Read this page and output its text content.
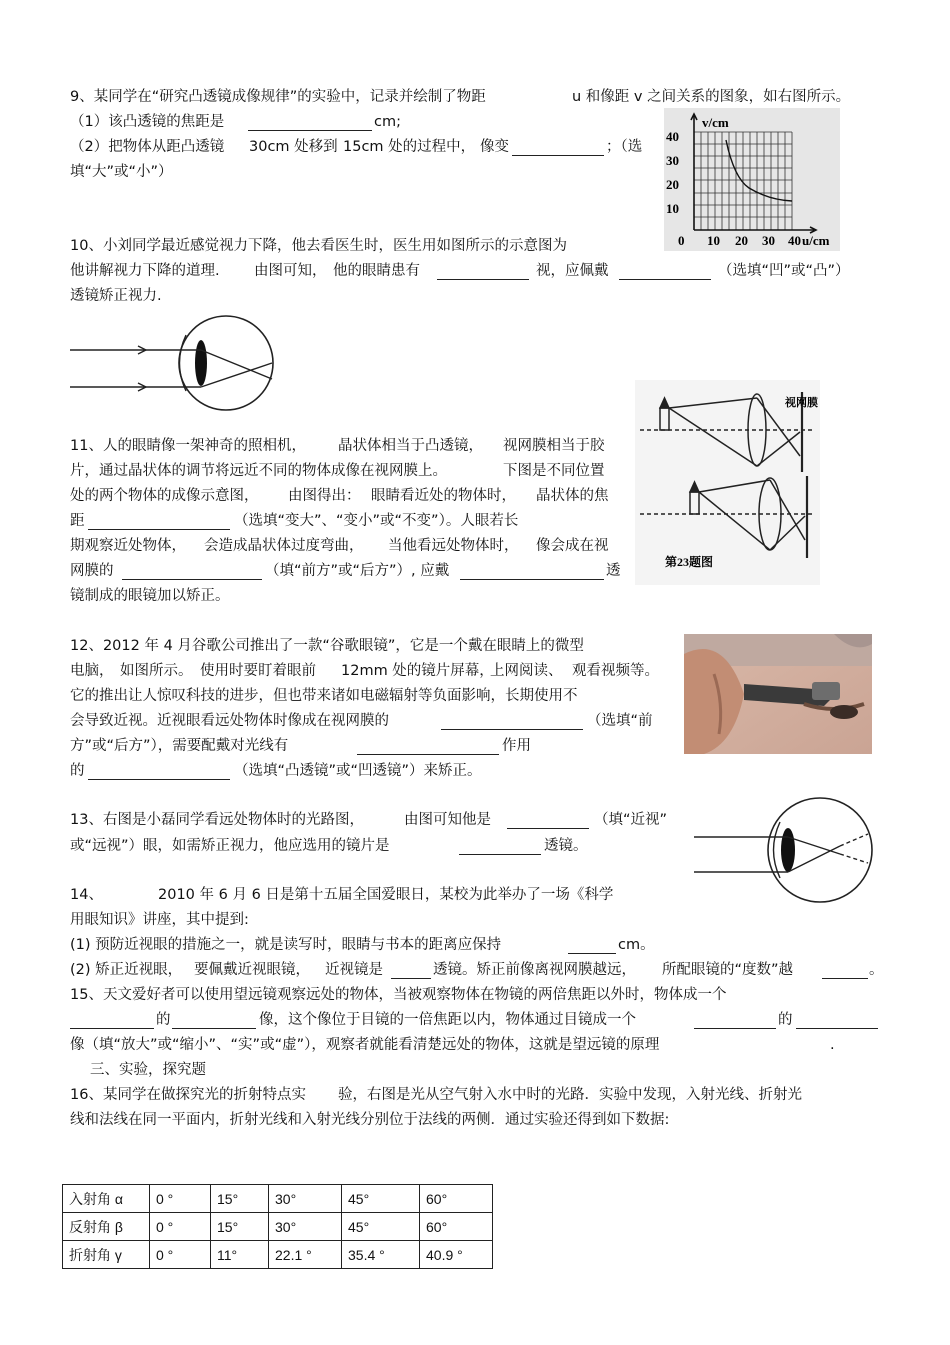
9、某同学在“研究凸透镜成像规律”的实验中，记录并绘制了物距	u 和像距 v 之间关系的图象，如右图所示。
（1）该凸透镜的焦距是	cm;
（2）把物体从距凸透镜 30cm 处移到 15cm 处的过程中， 像变	；（选
填“大”或“小”）
40
30
20
10
v/cm
0 10 20 30 40 u/cm
10、小刘同学最近感觉视力下降，他去看医生时，医生用如图所示的示意图为
他讲解视力下降的道理. 由图可知， 他的眼睛患有	视，应佩戴	（选填“凹”或“凸”）
透镜矫正视力.
11、人的眼睛像一架神奇的照相机， 晶状体相当于凸透镜， 视网膜相当于胶
片，通过晶状体的调节将远近不同的物体成像在视网膜上。	下图是不同位置
处的两个物体的成像示意图， 由图得出： 眼睛看近处的物体时， 晶状体的焦
距	（选填“变大”、“变小”或“不变”）。人眼若长
期观察近处物体， 会造成晶状体过度弯曲， 当他看远处物体时， 像会成在视
网膜的	（填“前方”或“后方”）, 应戴	透
镜制成的眼镜加以矫正。
视网膜
第23题图
12、2012 年 4 月谷歌公司推出了一款“谷歌眼镜”，它是一个戴在眼睛上的微型
电脑， 如图所示。 使用时要盯着眼前 12mm 处的镜片屏幕，
上网阅读、 观看视频等。
它的推出让人惊叹科技的进步，但也带来诸如电磁辐射等负面影响，长期使用不
会导致近视。近视眼看远处物体时像成在视网膜的	（选填“前
方”或“后方”），需要配戴对光线有	作用
的	（选填“凸透镜”或“凹透镜”）来矫正。
13、右图是小磊同学看远处物体时的光路图，	由图可知他是	（填“近视”
或“远视”）眼，如需矫正视力，他应选用的镜片是	透镜。
14、	2010 年 6 月 6 日是第十五届全国爱眼日，某校为此举办了一场《科学
用眼知识》讲座，其中提到:
(1) 预防近视眼的措施之一，就是读写时，眼睛与书本的距离应保持	cm。
(2) 矫正近视眼， 要佩戴近视眼镜， 近视镜是	透镜。矫正前像离视网膜越远， 所配眼镜的“度数”越	。
15、天文爱好者可以使用望远镜观察远处的物体，当被观察物体在物镜的两倍焦距以外时，物体成一个
的	像，这个像位于目镜的一倍焦距以内，物体通过目镜成一个	的
像（填“放大”或“缩小”、“实”或“虚”），观察者就能看清楚远处的物体，这就是望远镜的原理	.
三、实验，探究题
16、某同学在做探究光的折射特点实 验，右图是光从空气射入水中时的光路．实验中发现，入射光线、折射光
线和法线在同一平面内，折射光线和入射光线分别位于法线的两侧．通过实验还得到如下数据:
入射角 α	0 °	15°	30°	45°	60°
反射角 β	0 °	15°	30°	45°	60°
折射角 γ	0 °	11°	22.1 °	35.4 °	40.9 °
